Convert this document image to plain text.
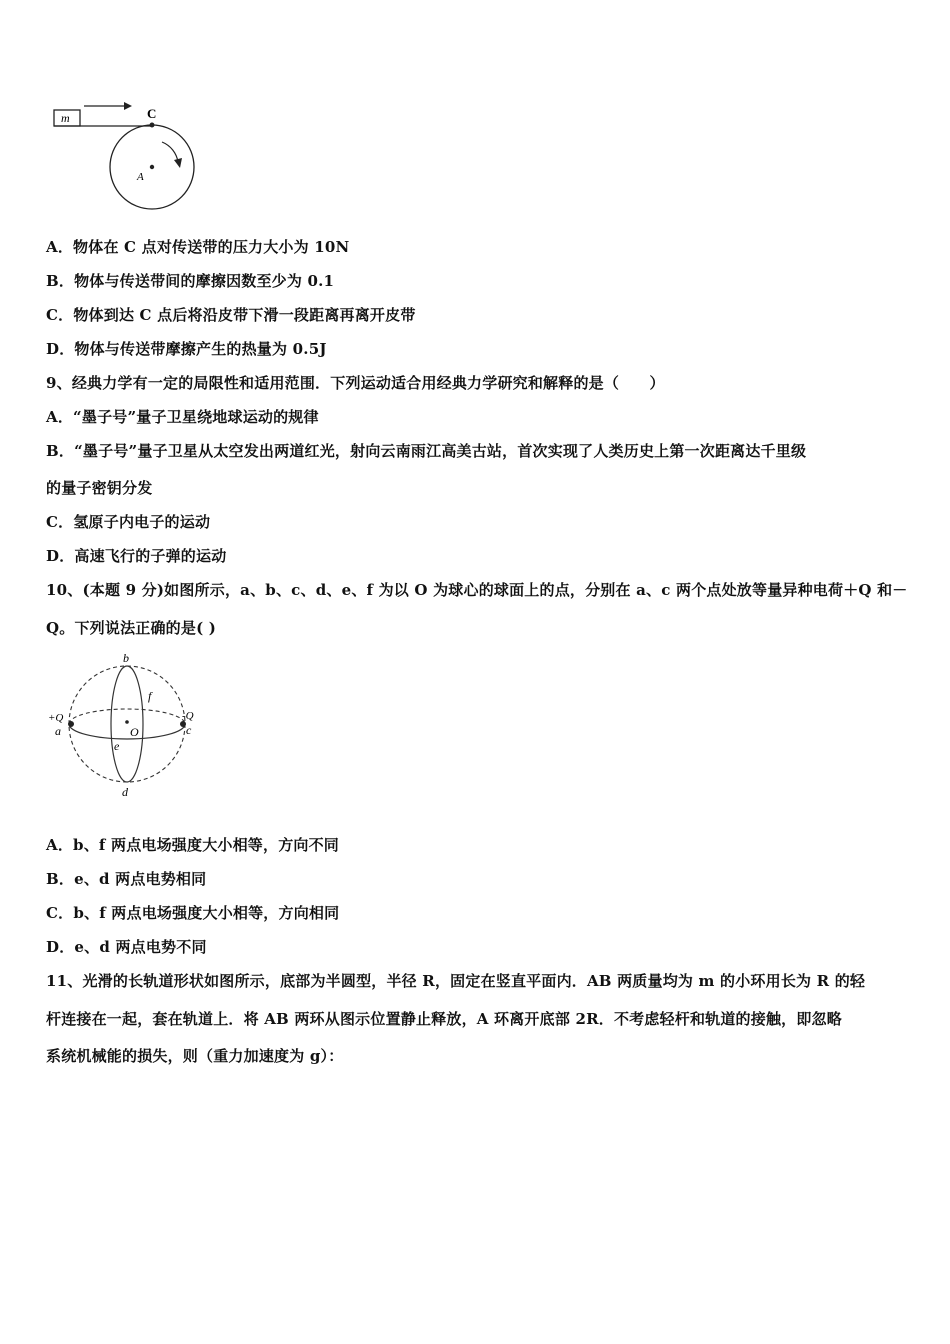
m	C
A
A．物体在 C 点对传送带的压力大小为 10N
B．物体与传送带间的摩擦因数至少为 0.1
C．物体到达 C 点后将沿皮带下滑一段距离再离开皮带
D．物体与传送带摩擦产生的热量为 0.5J
9、经典力学有一定的局限性和适用范围．下列运动适合用经典力学研究和解释的是（　　）
A．“墨子号”量子卫星绕地球运动的规律
B．“墨子号”量子卫星从太空发出两道红光，射向云南雨江高美古站，首次实现了人类历史上第一次距离达千里级
的量子密钥分发
C．氢原子内电子的运动
D．高速飞行的子弹的运动
10、(本题 9 分)如图所示，a、b、c、d、e、f 为以 O 为球心的球面上的点，分别在 a、c 两个点处放等量异种电荷＋Q 和－
Q。下列说法正确的是( )
b
f
+Q	-Q
a	O	c
e
d
A．b、f 两点电场强度大小相等，方向不同
B．e、d 两点电势相同
C．b、f 两点电场强度大小相等，方向相同
D．e、d 两点电势不同
11、光滑的长轨道形状如图所示，底部为半圆型，半径 R，固定在竖直平面内．AB 两质量均为 m 的小环用长为 R 的轻
杆连接在一起，套在轨道上．将 AB 两环从图示位置静止释放，A 环离开底部 2R．不考虑轻杆和轨道的接触，即忽略
系统机械能的损失，则（重力加速度为 g）：
